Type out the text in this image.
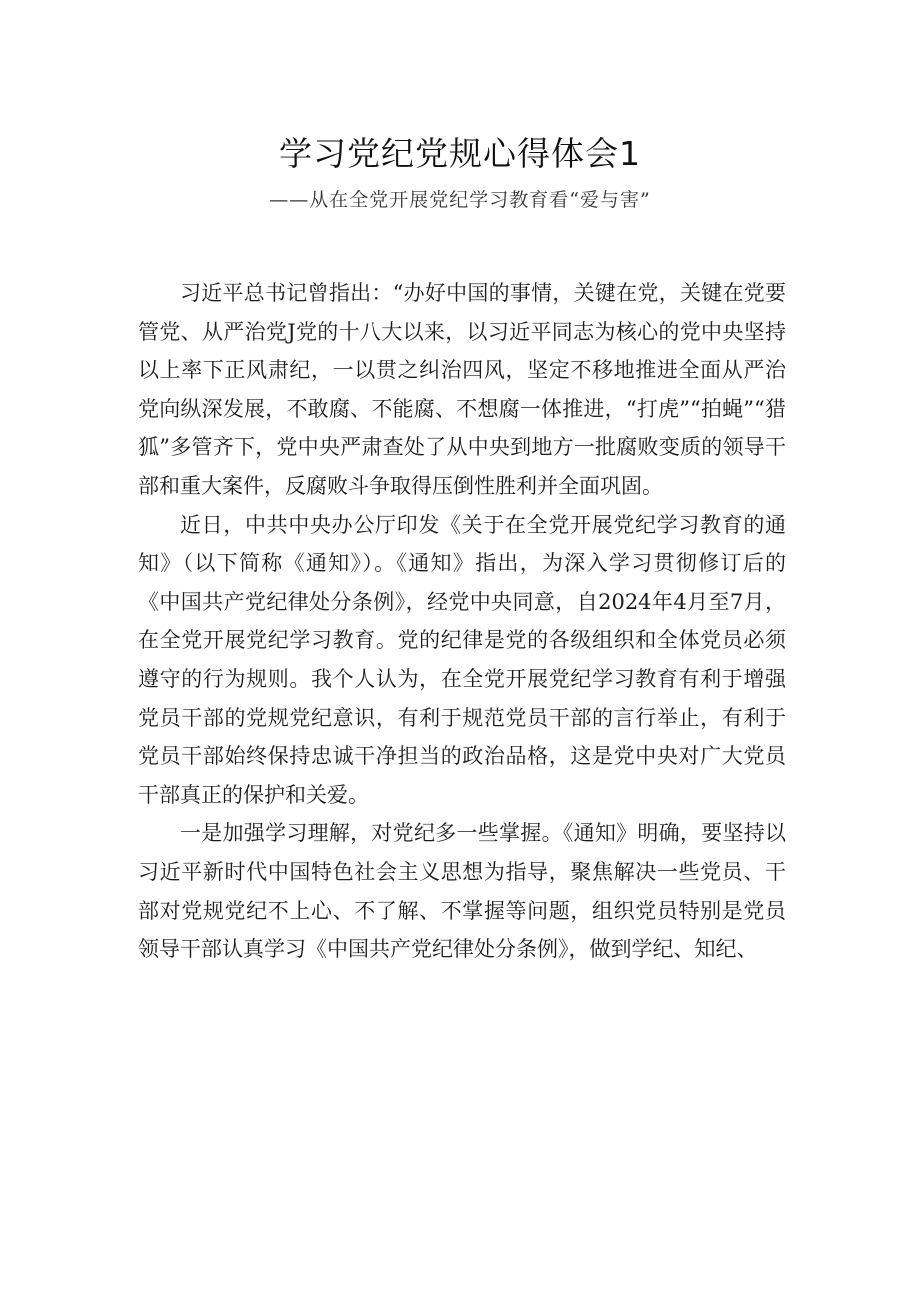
学习党纪党规心得体会1
——从在全党开展党纪学习教育看“爱与害”

习近平总书记曾指出：“办好中国的事情，关键在党，关键在党要管党、从严治党J党的十八大以来，以习近平同志为核心的党中央坚持以上率下正风肃纪，一以贯之纠治四风，坚定不移地推进全面从严治党向纵深发展，不敢腐、不能腐、不想腐一体推进，“打虎”“拍蝇”“猎狐”多管齐下，党中央严肃查处了从中央到地方一批腐败变质的领导干部和重大案件，反腐败斗争取得压倒性胜利并全面巩固。

近日，中共中央办公厅印发《关于在全党开展党纪学习教育的通知》（以下简称《通知》）。《通知》指出，为深入学习贯彻修订后的《中国共产党纪律处分条例》，经党中央同意，自2024年4月至7月，在全党开展党纪学习教育。党的纪律是党的各级组织和全体党员必须遵守的行为规则。我个人认为，在全党开展党纪学习教育有利于增强党员干部的党规党纪意识，有利于规范党员干部的言行举止，有利于党员干部始终保持忠诚干净担当的政治品格，这是党中央对广大党员干部真正的保护和关爱。

一是加强学习理解，对党纪多一些掌握。《通知》明确，要坚持以习近平新时代中国特色社会主义思想为指导，聚焦解决一些党员、干部对党规党纪不上心、不了解、不掌握等问题，组织党员特别是党员领导干部认真学习《中国共产党纪律处分条例》，做到学纪、知纪、
